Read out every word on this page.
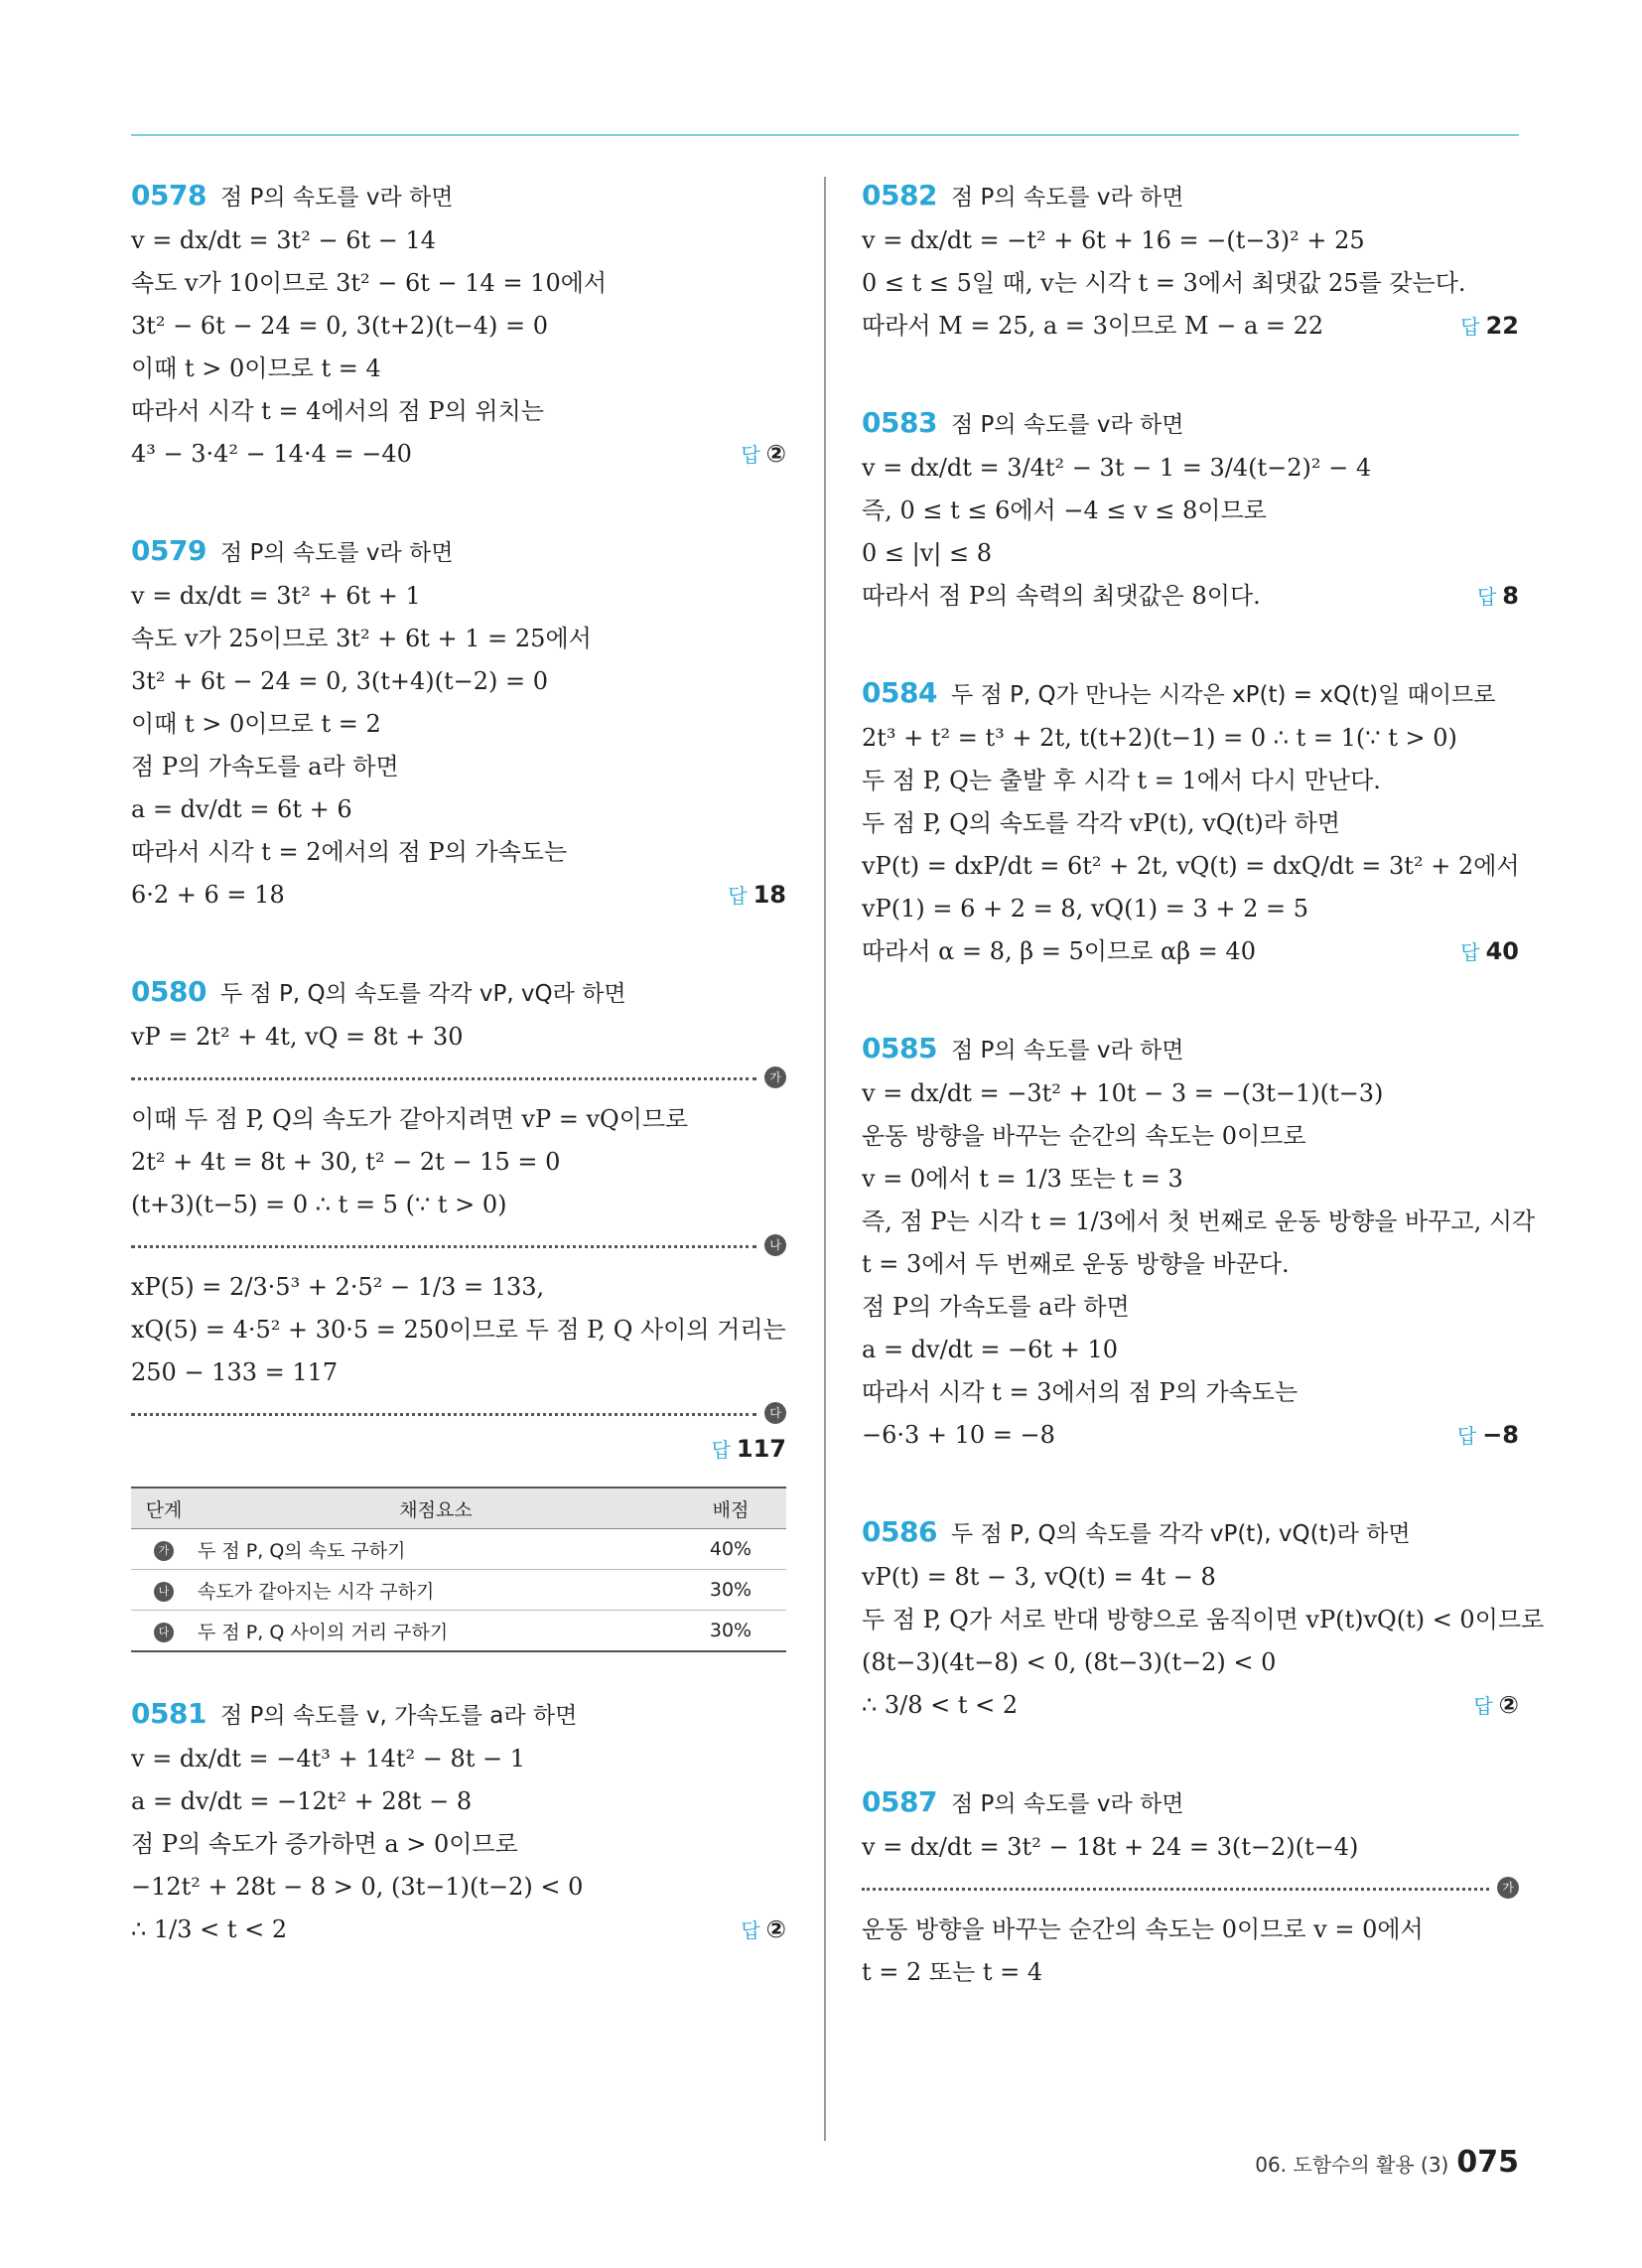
0578 점 P의 속도를 v라 하면
v = dx/dt = 3t² − 6t − 14
속도 v가 10이므로 3t² − 6t − 14 = 10에서
3t² − 6t − 24 = 0, 3(t+2)(t−4) = 0
이때 t > 0이므로 t = 4
따라서 시각 t = 4에서의 점 P의 위치는
4³ − 3·4² − 14·4 = −40	답 ②
0579 점 P의 속도를 v라 하면
v = dx/dt = 3t² + 6t + 1
속도 v가 25이므로 3t² + 6t + 1 = 25에서
3t² + 6t − 24 = 0, 3(t+4)(t−2) = 0
이때 t > 0이므로 t = 2
점 P의 가속도를 a라 하면
a = dv/dt = 6t + 6
따라서 시각 t = 2에서의 점 P의 가속도는
6·2 + 6 = 18	답 18
0580 두 점 P, Q의 속도를 각각 vP, vQ라 하면
vP = 2t² + 4t, vQ = 8t + 30
가
이때 두 점 P, Q의 속도가 같아지려면 vP = vQ이므로
2t² + 4t = 8t + 30, t² − 2t − 15 = 0
(t+3)(t−5) = 0 ∴ t = 5 (∵ t > 0)
나
xP(5) = 2/3·5³ + 2·5² − 1/3 = 133,
xQ(5) = 4·5² + 30·5 = 250이므로 두 점 P, Q 사이의 거리는
250 − 133 = 117
다
답 117
단계	채점요소	배점
가	두 점 P, Q의 속도 구하기	40%
나	속도가 같아지는 시각 구하기	30%
다	두 점 P, Q 사이의 거리 구하기	30%
0581 점 P의 속도를 v, 가속도를 a라 하면
v = dx/dt = −4t³ + 14t² − 8t − 1
a = dv/dt = −12t² + 28t − 8
점 P의 속도가 증가하면 a > 0이므로
−12t² + 28t − 8 > 0, (3t−1)(t−2) < 0
∴ 1/3 < t < 2	답 ②
0582 점 P의 속도를 v라 하면
v = dx/dt = −t² + 6t + 16 = −(t−3)² + 25
0 ≤ t ≤ 5일 때, v는 시각 t = 3에서 최댓값 25를 갖는다.
따라서 M = 25, a = 3이므로 M − a = 22	답 22
0583 점 P의 속도를 v라 하면
v = dx/dt = 3/4t² − 3t − 1 = 3/4(t−2)² − 4
즉, 0 ≤ t ≤ 6에서 −4 ≤ v ≤ 8이므로
0 ≤ |v| ≤ 8
따라서 점 P의 속력의 최댓값은 8이다.	답 8
0584 두 점 P, Q가 만나는 시각은 xP(t) = xQ(t)일 때이므로
2t³ + t² = t³ + 2t, t(t+2)(t−1) = 0 ∴ t = 1(∵ t > 0)
두 점 P, Q는 출발 후 시각 t = 1에서 다시 만난다.
두 점 P, Q의 속도를 각각 vP(t), vQ(t)라 하면
vP(t) = dxP/dt = 6t² + 2t, vQ(t) = dxQ/dt = 3t² + 2에서
vP(1) = 6 + 2 = 8, vQ(1) = 3 + 2 = 5
따라서 α = 8, β = 5이므로 αβ = 40	답 40
0585 점 P의 속도를 v라 하면
v = dx/dt = −3t² + 10t − 3 = −(3t−1)(t−3)
운동 방향을 바꾸는 순간의 속도는 0이므로
v = 0에서 t = 1/3 또는 t = 3
즉, 점 P는 시각 t = 1/3에서 첫 번째로 운동 방향을 바꾸고, 시각
t = 3에서 두 번째로 운동 방향을 바꾼다.
점 P의 가속도를 a라 하면
a = dv/dt = −6t + 10
따라서 시각 t = 3에서의 점 P의 가속도는
−6·3 + 10 = −8	답 −8
0586 두 점 P, Q의 속도를 각각 vP(t), vQ(t)라 하면
vP(t) = 8t − 3, vQ(t) = 4t − 8
두 점 P, Q가 서로 반대 방향으로 움직이면 vP(t)vQ(t) < 0이므로
(8t−3)(4t−8) < 0, (8t−3)(t−2) < 0
∴ 3/8 < t < 2	답 ②
0587 점 P의 속도를 v라 하면
v = dx/dt = 3t² − 18t + 24 = 3(t−2)(t−4)
가
운동 방향을 바꾸는 순간의 속도는 0이므로 v = 0에서
t = 2 또는 t = 4
06. 도함수의 활용 (3) 075
